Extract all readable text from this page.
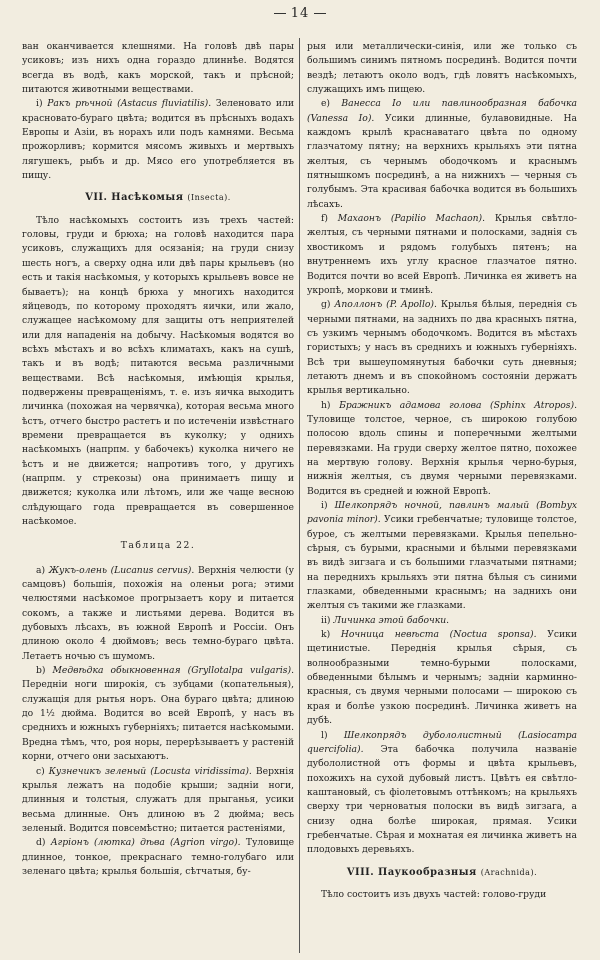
14

ван оканчивается клешнями. На головѣ двѣ пары усиковъ; изъ нихъ одна гораздо длиннѣе. Водятся всегда въ водѣ, какъ морской, такъ и прѣсной; питаются животными веществами.

i) Ракъ рѣчной (Astacus fluviatilis). Зеленовато или красновато-бураго цвѣта; водится въ прѣсныхъ водахъ Европы и Азіи, въ норахъ или подъ камнями. Весьма прожорливъ; кормится мясомъ живыхъ и мертвыхъ лягушекъ, рыбъ и др. Мясо его употребляется въ пищу.

VII. Насѣкомыя (Insecta).

Тѣло насѣкомыхъ состоитъ изъ трехъ частей: головы, груди и брюха; на головѣ находится пара усиковъ, служащихъ для осязанія; на груди снизу шесть ногъ, а сверху одна или двѣ пары крыльевъ (но есть и такія насѣкомыя, у которыхъ крыльевъ вовсе не бываетъ); на концѣ брюха у многихъ находится яйцеводъ, по которому проходятъ яички, или жало, служащее насѣкомому для защиты отъ неприятелей или для нападенія на добычу. Насѣкомыя водятся во всѣхъ мѣстахъ и во всѣхъ климатахъ, какъ на сушѣ, такъ и въ водѣ; питаются весьма различными веществами. Всѣ насѣкомыя, имѣющія крылья, подвержены превращеніямъ, т. е. изъ яичка выходитъ личинка (похожая на червячка), которая весьма много ѣстъ, отчего быстро растетъ и по истеченіи извѣстнаго времени превращается въ куколку; у однихъ насѣкомыхъ (напрпм. у бабочекъ) куколка ничего не ѣстъ и не движется; напротивъ того, у другихъ (напрпм. у стрекозы) она принимаетъ пищу и движется; куколка или лѣтомъ, или же чаще весною слѣдующаго года превращается въ совершенное насѣкомое.

Таблица 22.

a) Жукъ-олень (Lucanus cervus). Верхнія челюсти (у самцовъ) большія, похожія на оленьи рога; этими челюстями насѣкомое прогрызаетъ кору и питается сокомъ, а также и листьями дерева. Водится въ дубовыхъ лѣсахъ, въ южной Европѣ и Россіи. Онъ длиною около 4 дюймовъ; весь темно-бураго цвѣта. Летаетъ ночью съ шумомъ.

b) Медвѣдка обыкновенная (Gryllotalpa vulgaris). Передніи ноги широкія, съ зубцами (копательныя), служащія для рытья норъ. Она бураго цвѣта; длиною до 1½ дюйма. Водится во всей Европѣ, у насъ въ среднихъ и южныхъ губерніяхъ; питается насѣкомыми. Вредна тѣмъ, что, роя норы, перерѣзываетъ у растеній корни, отчего они засыхаютъ.

c) Кузнечикъ зеленый (Locusta viridissima). Верхнія крылья лежатъ на подобіе крыши; задніи ноги, длинныя и толстыя, служатъ для прыганья, усики весьма длинные. Онъ длиною въ 2 дюйма; весь зеленый. Водится повсемѣстно; питается растеніями,

d) Агріонъ (лютка) дѣва (Agrion virgo). Туловище длинное, тонкое, прекраснаго темно-голубаго или зеленаго цвѣта; крылья большія, сѣтчатыя, бу-

рыя или металлически-синія, или же только съ большимъ синимъ пятномъ посрединѣ. Водится почти вездѣ; летаютъ около водъ, гдѣ ловятъ насѣкомыхъ, служащихъ имъ пищею.

e) Ванесса Іо или павлинообразная бабочка (Vanessa Io). Усики длинные, булавовидные. На каждомъ крылѣ краснаватаго цвѣта по одному глазчатому пятну; на верхнихъ крыльяхъ эти пятна желтыя, съ чернымъ ободочкомъ и краснымъ пятнышкомъ посрединѣ, а на нижнихъ — черныя съ голубымъ. Эта красивая бабочка водится въ большихъ лѣсахъ.

f) Махаонъ (Papilio Machaon). Крылья свѣтло-желтыя, съ черными пятнами и полосками, заднія съ хвостикомъ и рядомъ голубыхъ пятенъ; на внутреннемъ ихъ углу красное глазчатое пятно. Водится почти во всей Европѣ. Личинка ея живетъ на укропѣ, моркови и тминѣ.

g) Аполлонъ (P. Apollo). Крылья бѣлыя, переднія съ черными пятнами, на заднихъ по два красныхъ пятна, съ узкимъ чернымъ ободочкомъ. Водится въ мѣстахъ гористыхъ; у насъ въ среднихъ и южныхъ губерніяхъ. Всѣ три вышеупомянутыя бабочки суть дневныя; летаютъ днемъ и въ спокойномъ состояніи держатъ крылья вертикально.

h) Бражникъ адамова голова (Sphinx Atropos). Туловище толстое, черное, съ широкою голубою полосою вдоль спины и поперечными желтыми перевязками. На груди сверху желтое пятно, похожее на мертвую голову. Верхнія крылья черно-бурыя, нижнія желтыя, съ двумя черными перевязками. Водится въ средней и южной Европѣ.

i) Шелкопрядъ ночной, павлинъ малый (Bombyx pavonia minor). Усики гребенчатые; туловище толстое, бурое, съ желтыми перевязками. Крылья пепельно-сѣрыя, съ бурыми, красными и бѣлыми перевязками въ видѣ зигзага и съ большими глазчатыми пятнами; на переднихъ крыльяхъ эти пятна бѣлыя съ синими глазками, обведенными краснымъ; на заднихъ они желтыя съ такими же глазками.

ii) Личинка этой бабочки.

k) Ночница невѣста (Noctua sponsa). Усики щетинистые. Переднія крылья сѣрыя, съ волнообразными темно-бурыми полосками, обведенными бѣлымъ и чернымъ; задніи карминно-красныя, съ двумя черными полосами — широкою съ края и болѣе узкою посрединѣ. Личинка живетъ на дубѣ.

l) Шелкопрядъ дубололистный (Lasiocampa quercifolia). Эта бабочка получила названіе дубололистной отъ формы и цвѣта крыльевъ, похожихъ на сухой дубовый листъ. Цвѣтъ ея свѣтло-каштановый, съ фіолетовымъ оттѣнкомъ; на крыльяхъ сверху три черноватыя полоски въ видѣ зигзага, а снизу одна болѣе широкая, прямая. Усики гребенчатые. Сѣрая и мохнатая ея личинка живетъ на плодовыхъ деревьяхъ.

VIII. Паукообразныя (Arachnida).

Тѣло состоитъ изъ двухъ частей: голово-груди
